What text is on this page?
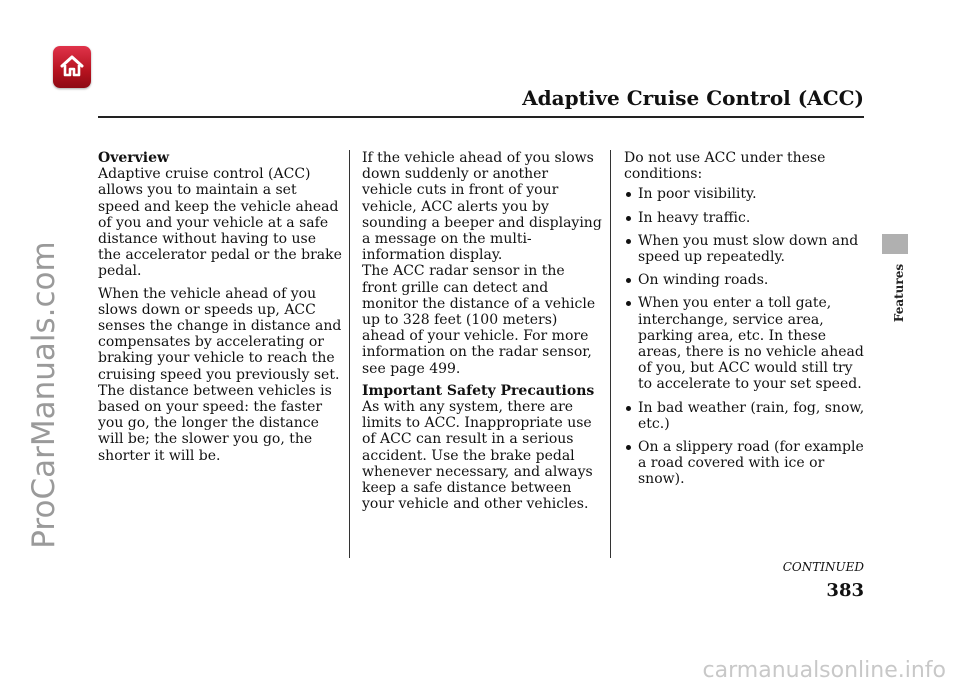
Adaptive Cruise Control (ACC)
Features
ProCarManuals.com
Overview

Adaptive cruise control (ACC) allows you to maintain a set speed and keep the vehicle ahead of you and your vehicle at a safe distance without having to use the accelerator pedal or the brake pedal.

When the vehicle ahead of you slows down or speeds up, ACC senses the change in distance and compensates by accelerating or braking your vehicle to reach the cruising speed you previously set. The distance between vehicles is based on your speed: the faster you go, the longer the distance will be; the slower you go, the shorter it will be.

If the vehicle ahead of you slows down suddenly or another vehicle cuts in front of your vehicle, ACC alerts you by sounding a beeper and displaying a message on the multi-information display.

The ACC radar sensor in the front grille can detect and monitor the distance of a vehicle up to 328 feet (100 meters) ahead of your vehicle. For more information on the radar sensor, see page 499.

Important Safety Precautions

As with any system, there are limits to ACC. Inappropriate use of ACC can result in a serious accident. Use the brake pedal whenever necessary, and always keep a safe distance between your vehicle and other vehicles.

Do not use ACC under these conditions:
In poor visibility.
In heavy traffic.
When you must slow down and speed up repeatedly.
On winding roads.
When you enter a toll gate, interchange, service area, parking area, etc. In these areas, there is no vehicle ahead of you, but ACC would still try to accelerate to your set speed.
In bad weather (rain, fog, snow, etc.)
On a slippery road (for example a road covered with ice or snow).
CONTINUED
383
carmanualsonline.info
